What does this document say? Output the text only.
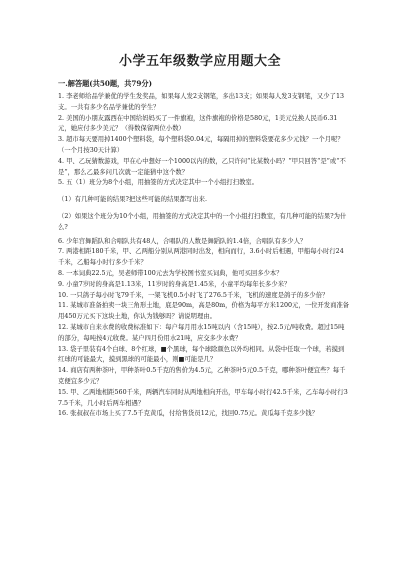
小学五年级数学应用题大全
一.解答题(共50题，共79分)

1. 李老师给品学兼优的学生发奖品，如果每人发2支钢笔，多出13支；如果每人发3支钢笔，又少了13支。一共有多少名品学兼优的学生？

2. 美国的小朋友露西在中国给妈妈买了一件旗袍，这件旗袍的价格是580元，1美元兑换人民币6.31元，她应付多少美元？（得数保留两位小数）

3. 超市每天要用掉1400个塑料袋，每个塑料袋0.04元，每隔用掉的塑料袋要花多少元钱？一个月呢？（一个月按30天计算）

4. 甲、乙玩猜数游戏，甲在心中想好一个1000以内的数，乙只许问“比某数小吗？”甲只回答“是”或“不是”，那么乙最多问几次就一定能猜中这个数？

5. 五（1）班分为8个小组，用抽签的方式决定其中一个小组打扫教室。

（1）有几种可能的结果?把这些可能的结果都写出来.

（2）如果这个班分为10个小组，用抽签的方式决定其中的一个小组打扫教室，有几种可能的结果?为什么?

6. 少年宫舞蹈队和合唱队共有48人，合唱队的人数是舞蹈队的1.4倍，合唱队有多少人？

7. 两港相距180千米，甲、乙两船分别从两港同时出发，相向而行，3.6小时后相遇，甲船每小时行24千米，乙船每小时行多少千米？

8. 一本词典22.5元，吴老师带100元去为学校图书室买词典，他可买回多少本？

9. 小童7岁时的身高是1.13米，11岁时的身高是1.45米，小童平均每年长多少米？

10. 一只鸽子每小时飞79千米，一架飞机0.5小时飞了276.5千米，飞机的速度是鸽子的多少倍？

11. 某城市准备拍卖一块三角形土地，底是90m，高是80m，价格为每平方米1200元，一位开发商准备用450万元买下这块土地，你认为钱够吗？请说明理由。

12. 某城市自来水费的收费标准如下：每户每月用水15吨以内（含15吨），按2.5元/吨收费。超过15吨的部分，每吨按4元收费。某户四月份用水21吨，应交多少水费？

13. 袋子里装有4个白球、8个红球，■个黑球，每个球除颜色以外均相同。从袋中任取一个球，若摸到红球的可能最大，摸到黑球的可能最小，则■可能是几？

14. 商店有两种茶叶，甲种茶叶0.5千克的售价为4.5元，乙种茶叶5元0.5千克，哪种茶叶便宜些？每千克便宜多少元？

15. 甲、乙两地相距560千米，两辆汽车同时从两地相向开出，甲车每小时行42.5千米，乙车每小时行37.5千米，几小时后两车相遇？

16. 张叔叔在市场上买了7.5千克黄瓜，付给售货员12元，找回0.75元。黄瓜每千克多少钱？
